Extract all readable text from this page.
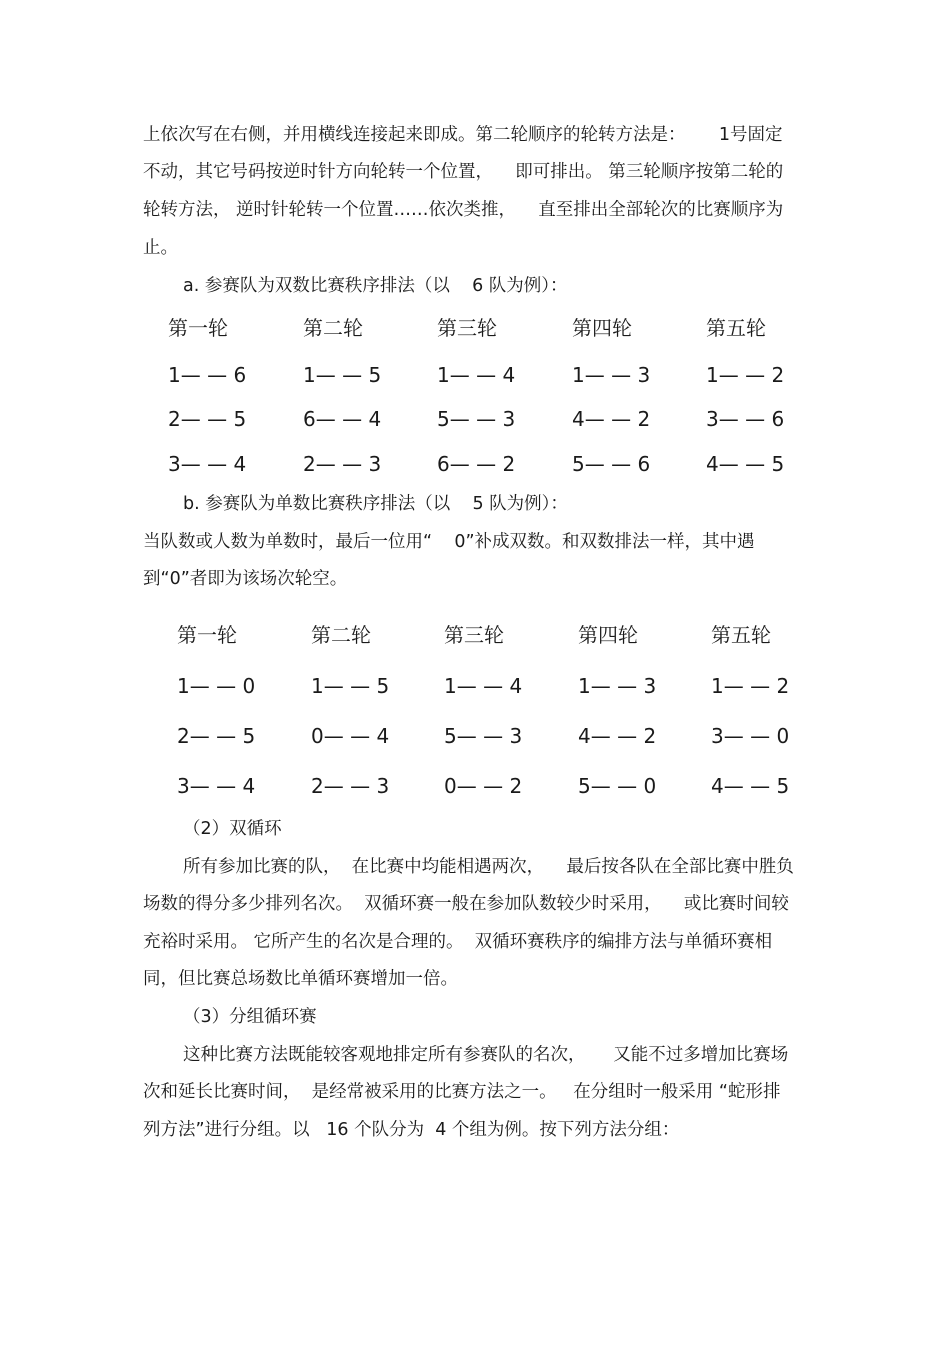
上依次写在右侧，并用横线连接起来即成。第二轮顺序的轮转方法是：      1号固定
不动，其它号码按逆时针方向轮转一个位置，    即可排出。 第三轮顺序按第二轮的
轮转方法， 逆时针轮转一个位置……依次类推，    直至排出全部轮次的比赛顺序为
止。
a. 参赛队为双数比赛秩序排法（以    6 队为例）：
第一轮	第二轮	第三轮	第四轮	第五轮
1— — 6	1— — 5	1— — 4	1— — 3	1— — 2
2— — 5	6— — 4	5— — 3	4— — 2	3— — 6
3— — 4	2— — 3	6— — 2	5— — 6	4— — 5
b. 参赛队为单数比赛秩序排法（以    5 队为例）：
当队数或人数为单数时，最后一位用“    0”补成双数。和双数排法一样，其中遇
到“0”者即为该场次轮空。
第一轮	第二轮	第三轮	第四轮	第五轮
1— — 0	1— — 5	1— — 4	1— — 3	1— — 2
2— — 5	0— — 4	5— — 3	4— — 2	3— — 0
3— — 4	2— — 3	0— — 2	5— — 0	4— — 5
（2）双循环
所有参加比赛的队，  在比赛中均能相遇两次，    最后按各队在全部比赛中胜负
场数的得分多少排列名次。  双循环赛一般在参加队数较少时采用，    或比赛时间较
充裕时采用。 它所产生的名次是合理的。  双循环赛秩序的编排方法与单循环赛相
同，但比赛总场数比单循环赛增加一倍。
（3）分组循环赛
这种比赛方法既能较客观地排定所有参赛队的名次，     又能不过多增加比赛场
次和延长比赛时间，  是经常被采用的比赛方法之一。   在分组时一般采用 “蛇形排
列方法”进行分组。以   16 个队分为  4 个组为例。按下列方法分组：
